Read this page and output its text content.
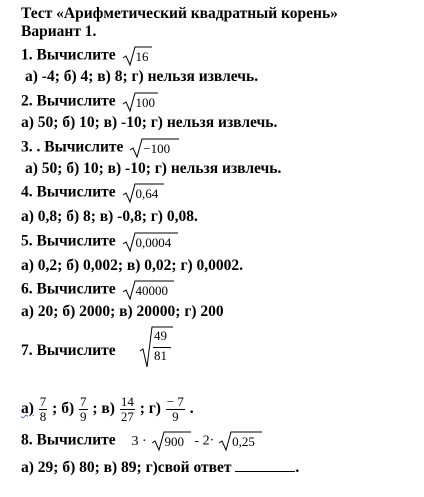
Тест «Арифметический квадратный корень»
Вариант 1.
1. Вычислите 16
а) -4; б) 4; в) 8; г) нельзя извлечь.
2. Вычислите 100
а) 50; б) 10; в) -10; г) нельзя извлечь.
3. . Вычислите −100
а) 50; б) 10; в) -10; г) нельзя извлечь.
4. Вычислите 0,64
а) 0,8; б) 8; в) -0,8; г) 0,08.
5. Вычислите 0,0004
а) 0,2; б) 0,002; в) 0,02; г) 0,0002.
6. Вычислите 40000
а) 20; б) 2000; в) 20000; г) 200
7. Вычислите
49
81
$а) \frac{7}{8}$ ; $б) \frac{7}{9}$ ; $в) \frac{14}{27}$ ; $г) \frac{- 7}{9}$ .
8. Вычислите 3 · 900 - 2· 0,25
а) 29; б) 80; в) 89; г)свой ответ	.
